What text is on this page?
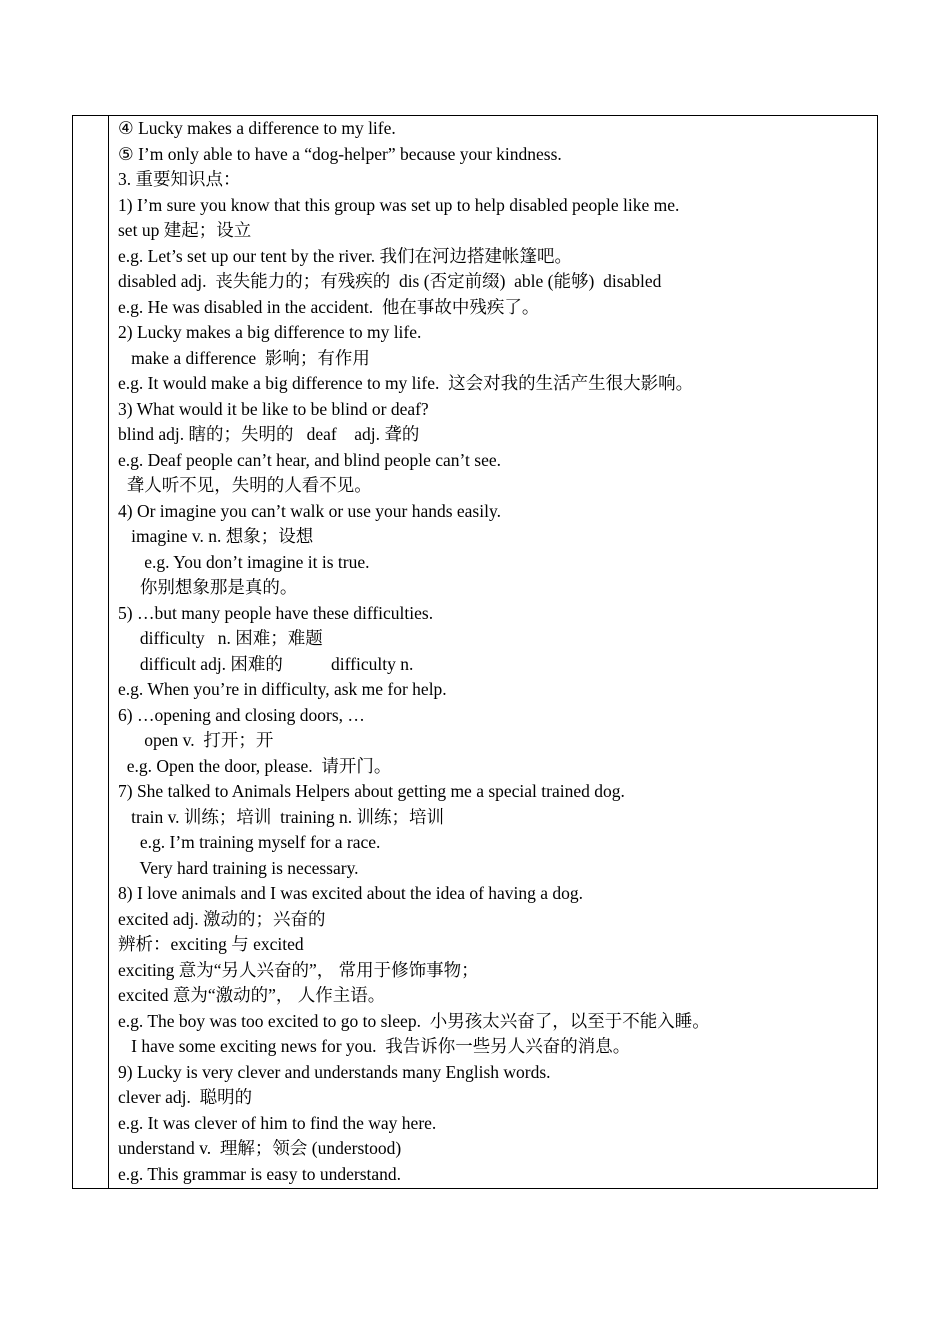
④ Lucky makes a difference to my life.
⑤ I’m only able to have a “dog-helper” because your kindness.
3. 重要知识点：
1) I’m sure you know that this group was set up to help disabled people like me.
set up 建起；设立
e.g. Let’s set up our tent by the river. 我们在河边搭建帐篷吧。
disabled adj.  丧失能力的；有残疾的  dis (否定前缀)  able (能够)  disabled
e.g. He was disabled in the accident.  他在事故中残疾了。
2) Lucky makes a big difference to my life.
make a difference  影响；有作用
e.g. It would make a big difference to my life.  这会对我的生活产生很大影响。
3) What would it be like to be blind or deaf?
blind adj. 瞎的；失明的   deaf    adj. 聋的
e.g. Deaf people can’t hear, and blind people can’t see.
聋人听不见，失明的人看不见。
4) Or imagine you can’t walk or use your hands easily.
imagine v. n. 想象；设想
e.g. You don’t imagine it is true.
你别想象那是真的。
5) …but many people have these difficulties.
difficulty   n. 困难；难题
difficult adj. 困难的           difficulty n.
e.g. When you’re in difficulty, ask me for help.
6) …opening and closing doors, …
open v.  打开；开
e.g. Open the door, please.  请开门。
7) She talked to Animals Helpers about getting me a special trained dog.
train v. 训练；培训  training n. 训练；培训
e.g. I’m training myself for a race.
Very hard training is necessary.
8) I love animals and I was excited about the idea of having a dog.
excited adj. 激动的；兴奋的
辨析：exciting 与 excited
exciting 意为“另人兴奋的”， 常用于修饰事物；
excited 意为“激动的”， 人作主语。
e.g. The boy was too excited to go to sleep.  小男孩太兴奋了，以至于不能入睡。
I have some exciting news for you.  我告诉你一些另人兴奋的消息。
9) Lucky is very clever and understands many English words.
clever adj.  聪明的
e.g. It was clever of him to find the way here.
understand v.  理解；领会 (understood)
e.g. This grammar is easy to understand.
